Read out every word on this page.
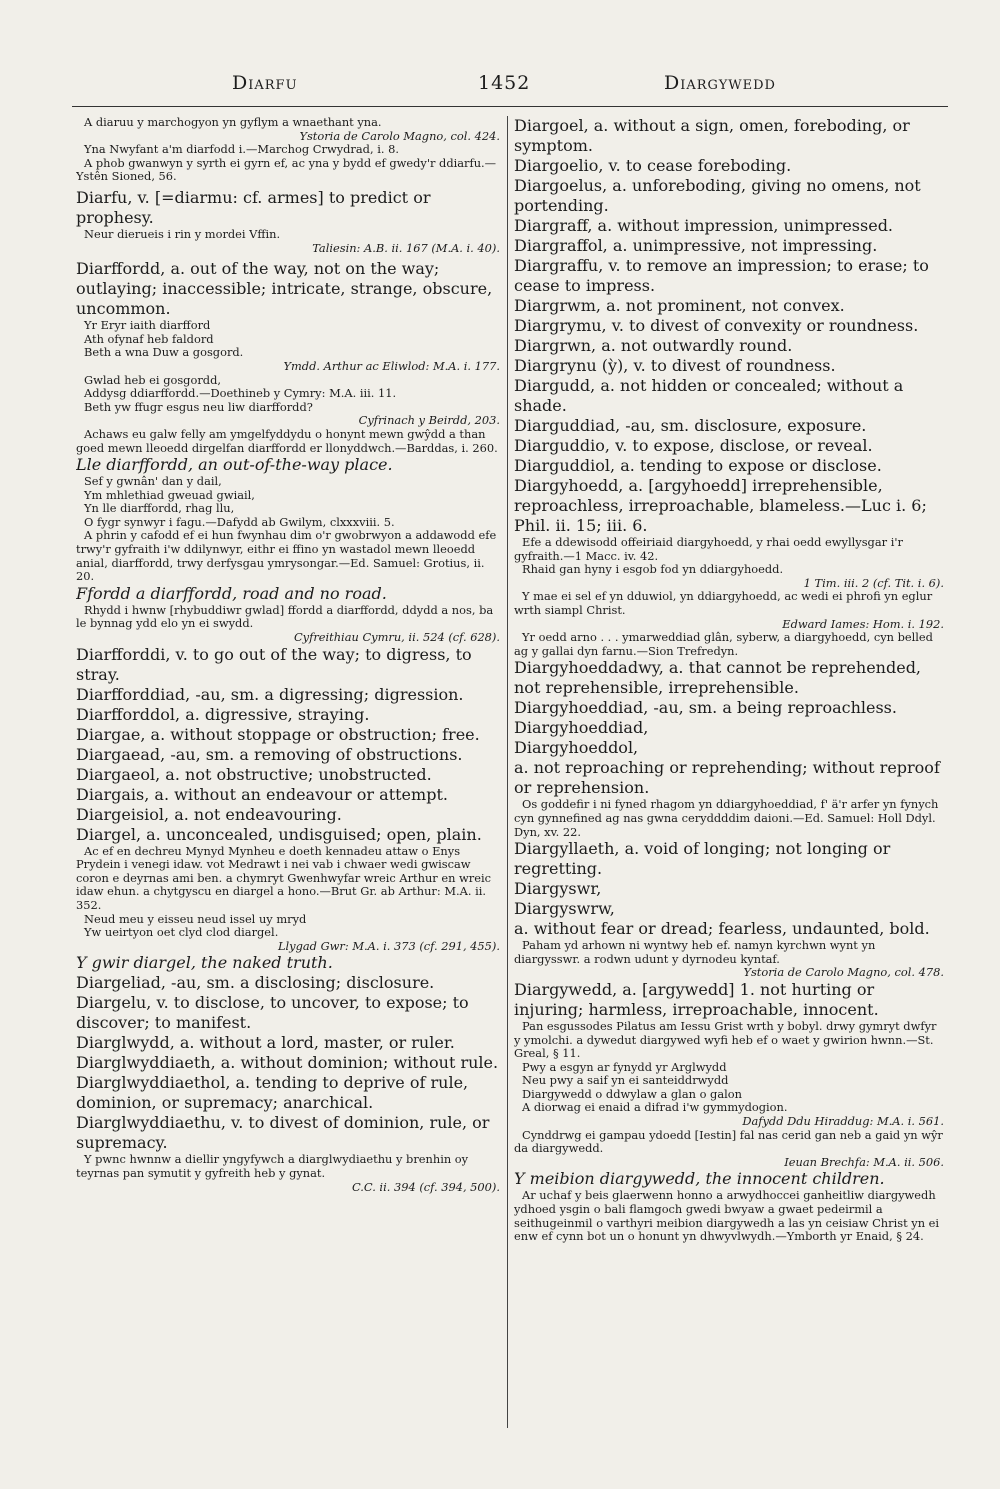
Diarfu	1452	Diargywedd

A diaruu y marchogyon yn gyflym a wnaethant yna.

Ystoria de Carolo Magno, col. 424.

Yna Nwyfant a'm diarfodd i.—Marchog Crwydrad, i. 8.

A phob gwanwyn y syrth ei gyrn ef, ac yna y bydd ef gwedy'r ddiarfu.—Ystên Sioned, 56.

Diarfu, v. [=diarmu: cf. armes] to predict or prophesy.

Neur dierueis i rin y mordei Vffin.

Taliesin: A.B. ii. 167 (M.A. i. 40).

Diarffordd, a. out of the way, not on the way; outlaying; inaccessible; intricate, strange, obscure, uncommon.

Yr Eryr iaith diarfford

Ath ofynaf heb faldord

Beth a wna Duw a gosgord.

Ymdd. Arthur ac Eliwlod: M.A. i. 177.

Gwlad heb ei gosgordd,

Addysg ddiarffordd.—Doethineb y Cymry: M.A. iii. 11.

Beth yw ffugr esgus neu liw diarffordd?

Cyfrinach y Beirdd, 203.

Achaws eu galw felly am ymgelfyddydu o honynt mewn gwŷdd a than goed mewn lleoedd dirgelfan diarffordd er llonyddwch.—Barddas, i. 260.

Lle diarffordd, an out-of-the-way place.

Sef y gwnân' dan y dail,

Ym mhlethiad gweuad gwiail,

Yn lle diarffordd, rhag llu,

O fygr synwyr i fagu.—Dafydd ab Gwilym, clxxxviii. 5.

A phrin y cafodd ef ei hun fwynhau dim o'r gwobrwyon a addawodd efe trwy'r gyfraith i'w ddilynwyr, eithr ei ffino yn wastadol mewn lleoedd anial, diarffordd, trwy derfysgau ymrysongar.—Ed. Samuel: Grotius, ii. 20.

Ffordd a diarffordd, road and no road.

Rhydd i hwnw [rhybuddiwr gwlad] ffordd a diarffordd, ddydd a nos, ba le bynnag ydd elo yn ei swydd.

Cyfreithiau Cymru, ii. 524 (cf. 628).

Diarfforddi, v. to go out of the way; to digress, to stray.

Diarfforddiad, -au, sm. a digressing; digression.

Diarfforddol, a. digressive, straying.

Diargae, a. without stoppage or obstruction; free.

Diargaead, -au, sm. a removing of obstructions.

Diargaeol, a. not obstructive; unobstructed.

Diargais, a. without an endeavour or attempt.

Diargeisiol, a. not endeavouring.

Diargel, a. unconcealed, undisguised; open, plain.

Ac ef en dechreu Mynyd Mynheu e doeth kennadeu attaw o Enys Prydein i venegi idaw. vot Medrawt i nei vab i chwaer wedi gwiscaw coron e deyrnas ami ben. a chymryt Gwenhwyfar wreic Arthur en wreic idaw ehun. a chytgyscu en diargel a hono.—Brut Gr. ab Arthur: M.A. ii. 352.

Neud meu y eisseu neud issel uy mryd

Yw ueirtyon oet clyd clod diargel.

Llygad Gwr: M.A. i. 373 (cf. 291, 455).

Y gwir diargel, the naked truth.

Diargeliad, -au, sm. a disclosing; disclosure.

Diargelu, v. to disclose, to uncover, to expose; to discover; to manifest.

Diarglwydd, a. without a lord, master, or ruler.

Diarglwyddiaeth, a. without dominion; without rule.

Diarglwyddiaethol, a. tending to deprive of rule, dominion, or supremacy; anarchical.

Diarglwyddiaethu, v. to divest of dominion, rule, or supremacy.

Y pwnc hwnnw a diellir yngyfywch a diarglwydiaethu y brenhin oy teyrnas pan symutit y gyfreith heb y gynat.

C.C. ii. 394 (cf. 394, 500).

Diargoel, a. without a sign, omen, foreboding, or symptom.

Diargoelio, v. to cease foreboding.

Diargoelus, a. unforeboding, giving no omens, not portending.

Diargraff, a. without impression, unimpressed.

Diargraffol, a. unimpressive, not impressing.

Diargraffu, v. to remove an impression; to erase; to cease to impress.

Diargrwm, a. not prominent, not convex.

Diargrymu, v. to divest of convexity or roundness.

Diargrwn, a. not outwardly round.

Diargrynu (ỳ), v. to divest of roundness.

Diargudd, a. not hidden or concealed; without a shade.

Diarguddiad, -au, sm. disclosure, exposure.

Diarguddio, v. to expose, disclose, or reveal.

Diarguddiol, a. tending to expose or disclose.

Diargyhoedd, a. [argyhoedd] irreprehensible, reproachless, irreproachable, blameless.—Luc i. 6; Phil. ii. 15; iii. 6.

Efe a ddewisodd offeiriaid diargyhoedd, y rhai oedd ewyllysgar i'r gyfraith.—1 Macc. iv. 42.

Rhaid gan hyny i esgob fod yn ddiargyhoedd.

1 Tim. iii. 2 (cf. Tit. i. 6).

Y mae ei sel ef yn dduwiol, yn ddiargyhoedd, ac wedi ei phrofi yn eglur wrth siampl Christ.

Edward Iames: Hom. i. 192.

Yr oedd arno . . . ymarweddiad glân, syberw, a diargyhoedd, cyn belled ag y gallai dyn farnu.—Sion Trefredyn.

Diargyhoeddadwy, a. that cannot be reprehended, not reprehensible, irreprehensible.

Diargyhoeddiad, -au, sm. a being reproachless.

Diargyhoeddiad,

Diargyhoeddol,

a. not reproaching or reprehending; without reproof or reprehension.

Os goddefir i ni fyned rhagom yn ddiargyhoeddiad, f' ä'r arfer yn fynych cyn gynnefined ag nas gwna ceryddddim daioni.—Ed. Samuel: Holl Ddyl. Dyn, xv. 22.

Diargyllaeth, a. void of longing; not longing or regretting.

Diargyswr,

Diargyswrw,

a. without fear or dread; fearless, undaunted, bold.

Paham yd arhown ni wyntwy heb ef. namyn kyrchwn wynt yn diargysswr. a rodwn udunt y dyrnodeu kyntaf.

Ystoria de Carolo Magno, col. 478.

Diargywedd, a. [argywedd] 1. not hurting or injuring; harmless, irreproachable, innocent.

Pan esgussodes Pilatus am Iessu Grist wrth y bobyl. drwy gymryt dwfyr y ymolchi. a dywedut diargywed wyfi heb ef o waet y gwirion hwnn.—St. Greal, § 11.

Pwy a esgyn ar fynydd yr Arglwydd

Neu pwy a saif yn ei santeiddrwydd

Diargywedd o ddwylaw a glan o galon

A diorwag ei enaid a difrad i'w gymmydogion.

Dafydd Ddu Hiraddug: M.A. i. 561.

Cynddrwg ei gampau ydoedd [Iestin] fal nas cerid gan neb a gaid yn wŷr da diargywedd.

Ieuan Brechfa: M.A. ii. 506.

Y meibion diargywedd, the innocent children.

Ar uchaf y beis glaerwenn honno a arwydhoccei ganheitliw diargywedh ydhoed ysgin o bali flamgoch gwedi bwyaw a gwaet pedeirmil a seithugeinmil o varthyri meibion diargywedh a las yn ceisiaw Christ yn ei enw ef cynn bot un o honunt yn dhwyvlwydh.—Ymborth yr Enaid, § 24.
